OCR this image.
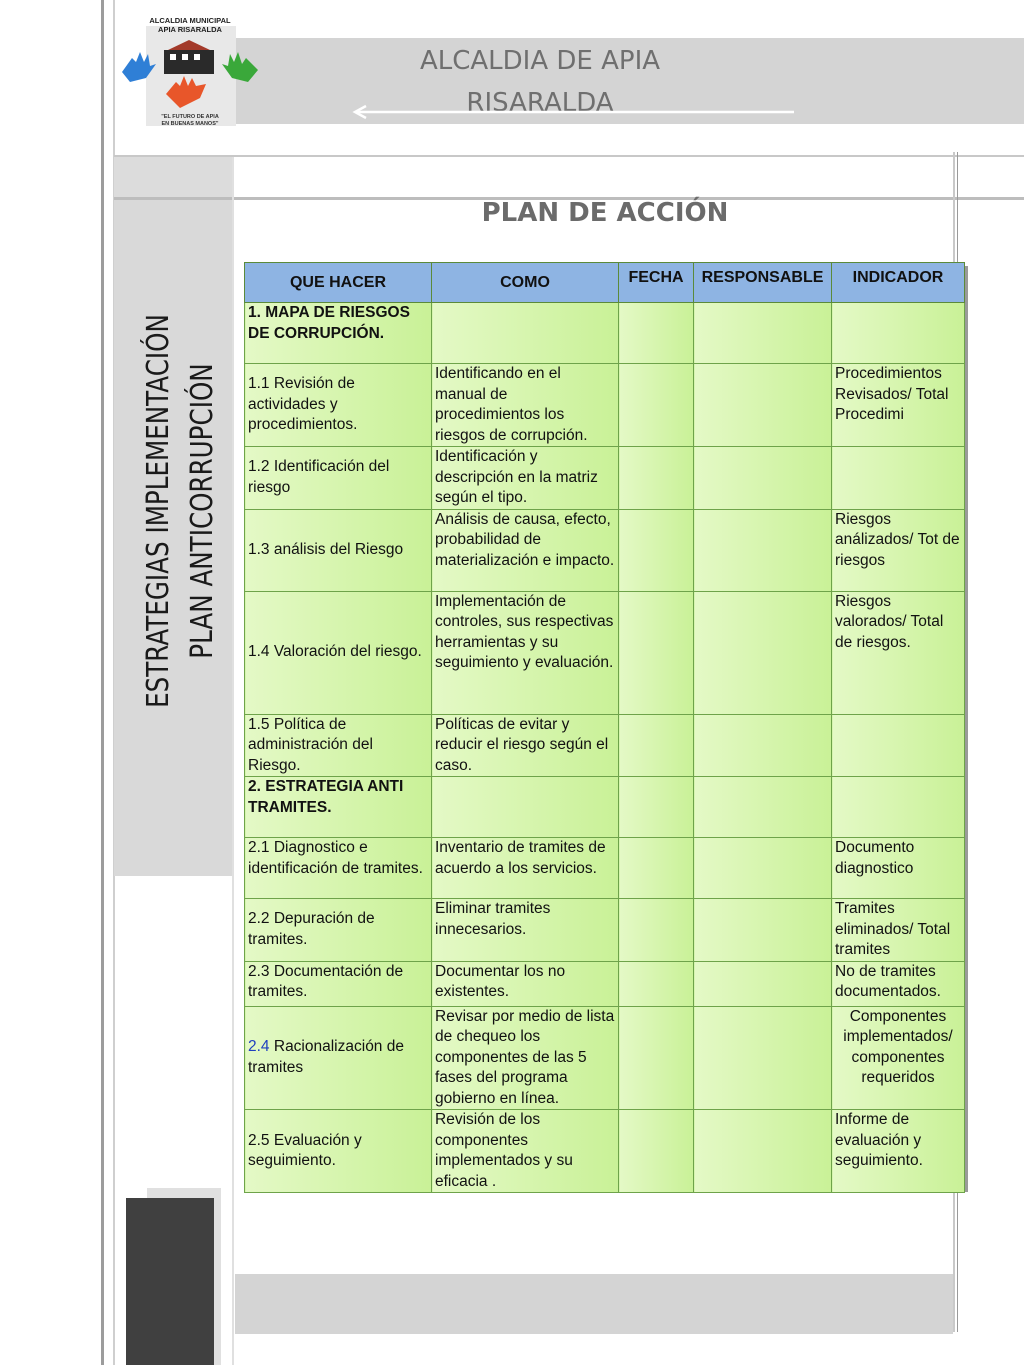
ALCALDIA MUNICIPAL
APIA RISARALDA
"EL FUTURO DE APIA
EN BUENAS MANOS"
ALCALDIA DE APIA
RISARALDA
ESTRATEGIAS IMPLEMENTACIÓN PLAN ANTICORRUPCIÓN
PLAN DE ACCIÓN
QUE HACER	COMO	FECHA	RESPONSABLE	INDICADOR
1. MAPA DE RIESGOS DE CORRUPCIÓN.				
1.1 Revisión de actividades y procedimientos.	Identificando en el manual de procedimientos los riesgos de corrupción.			Procedimientos Revisados/ Total Procedimi
1.2 Identificación del riesgo	Identificación y descripción en la matriz según el tipo.			
1.3 análisis del Riesgo	Análisis de causa, efecto, probabilidad de materialización e impacto.			Riesgos análizados/ Tot de riesgos
1.4 Valoración del riesgo.	Implementación de controles, sus respectivas herramientas y su seguimiento y evaluación.			Riesgos valorados/ Total de riesgos.
1.5 Política de administración del Riesgo.	Políticas de evitar y reducir el riesgo según el caso.			
2. ESTRATEGIA ANTI TRAMITES.				
2.1 Diagnostico e identificación de tramites.	Inventario de tramites de acuerdo a los servicios.			Documento diagnostico
2.2 Depuración de tramites.	Eliminar tramites innecesarios.			Tramites eliminados/ Total tramites
2.3 Documentación de tramites.	Documentar los no existentes.			No de tramites documentados.
2.4 Racionalización de tramites	Revisar por medio de lista de chequeo los componentes de las 5 fases del programa gobierno en línea.			Componentes implementados/ componentes requeridos
2.5 Evaluación y seguimiento.	Revisión de los componentes implementados y su eficacia .			Informe de evaluación y seguimiento.
